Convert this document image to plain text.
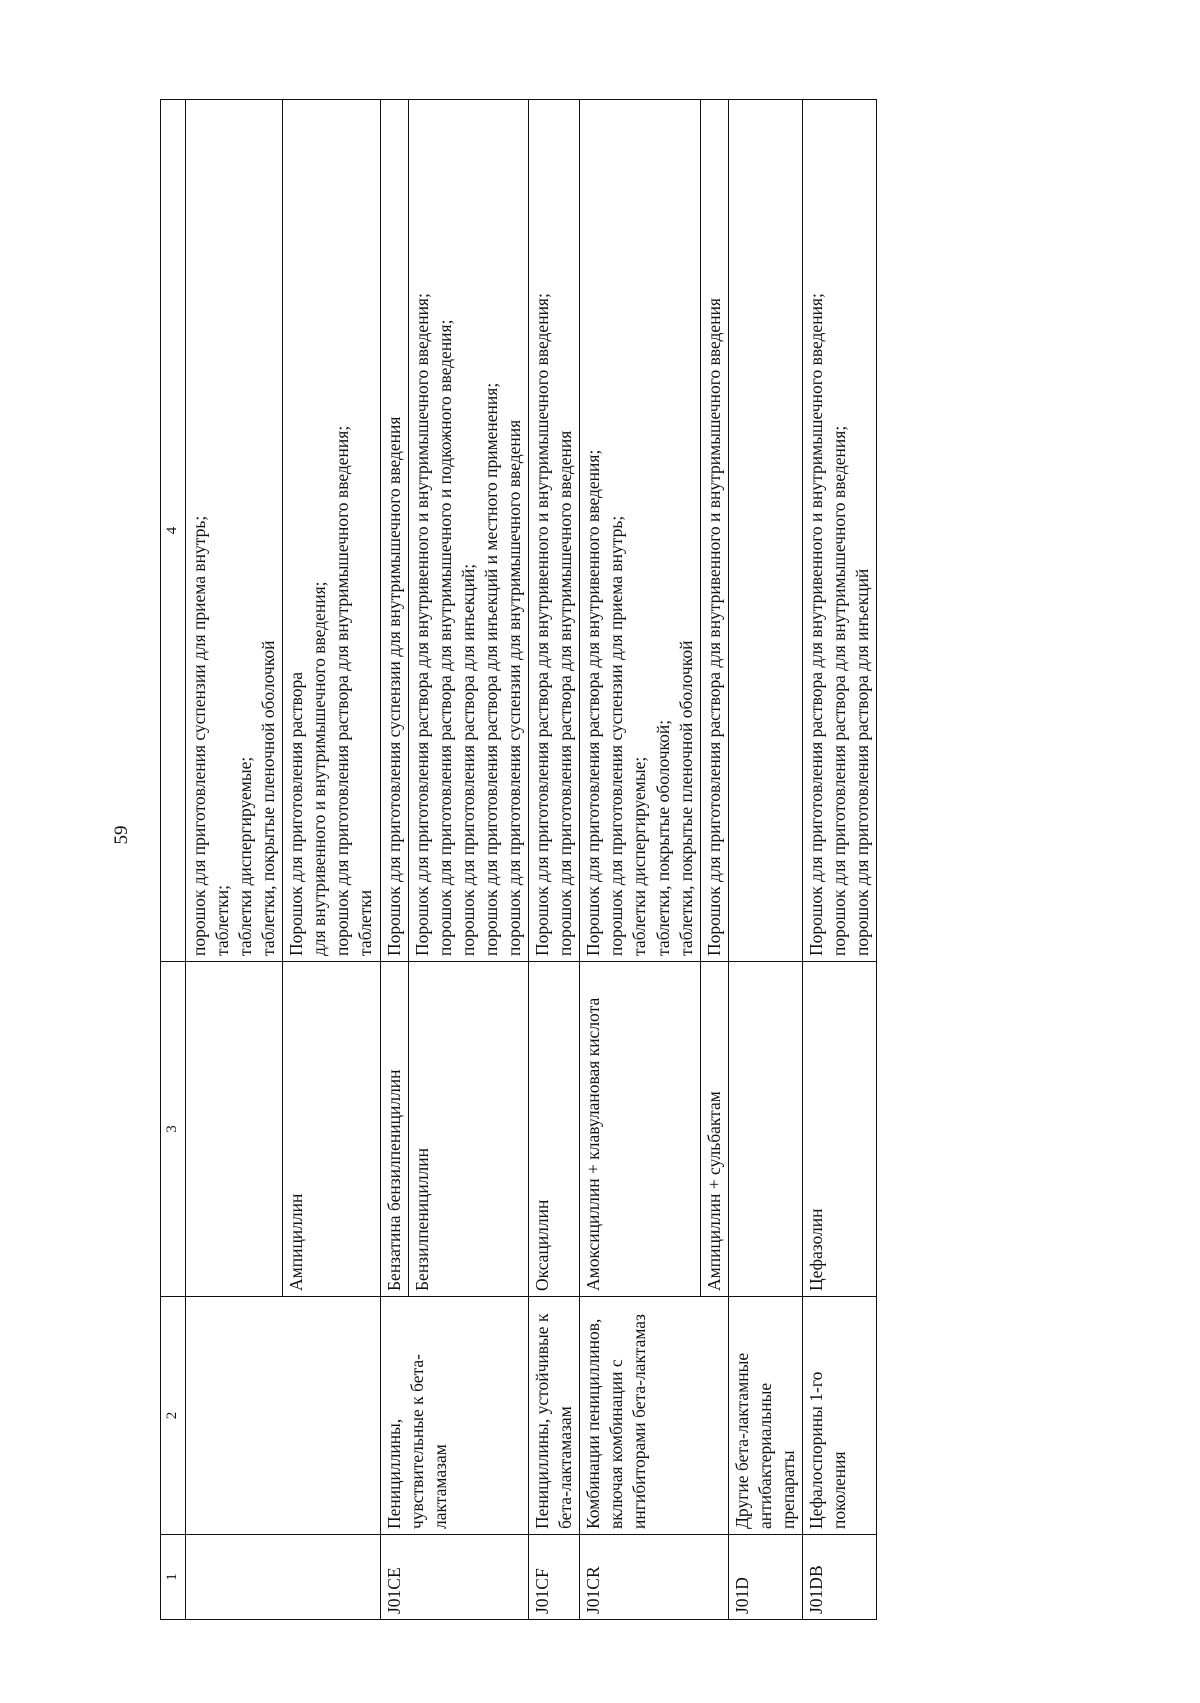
59
1	2	3	4

			порошок для приготовления суспензии для приема внутрь; таблетки; таблетки диспергируемые; таблетки, покрытые пленочной оболочкой

		Ампициллин	Порошок для приготовления раствора для внутривенного и внутримышечного введения; порошок для приготовления раствора для внутримышечного введения; таблетки

J01CE	Пенициллины, чувствительные к бета-лактамазам	Бензатина бензилпенициллин	Порошок для приготовления суспензии для внутримышечного введения

		Бензилпенициллин	Порошок для приготовления раствора для внутривенного и внутримышечного введения; порошок для приготовления раствора для внутримышечного и подкожного введения; порошок для приготовления раствора для инъекций; порошок для приготовления раствора для инъекций и местного применения; порошок для приготовления суспензии для внутримышечного введения

J01CF	Пенициллины, устойчивые к бета-лактамазам	Оксациллин	Порошок для приготовления раствора для внутривенного и внутримышечного введения; порошок для приготовления раствора для внутримышечного введения

J01CR	Комбинации пенициллинов, включая комбинации с ингибиторами бета-лактамаз	Амоксициллин + клавулановая кислота	Порошок для приготовления раствора для внутривенного введения; порошок для приготовления суспензии для приема внутрь; таблетки диспергируемые; таблетки, покрытые оболочкой; таблетки, покрытые пленочной оболочкой

		Ампициллин + сульбактам	Порошок для приготовления раствора для внутривенного и внутримышечного введения

J01D	Другие бета-лактамные антибактериальные препараты		
J01DB	Цефалоспорины 1-го поколения	Цефазолин	Порошок для приготовления раствора для внутривенного и внутримышечного введения; порошок для приготовления раствора для внутримышечного введения; порошок для приготовления раствора для инъекций
